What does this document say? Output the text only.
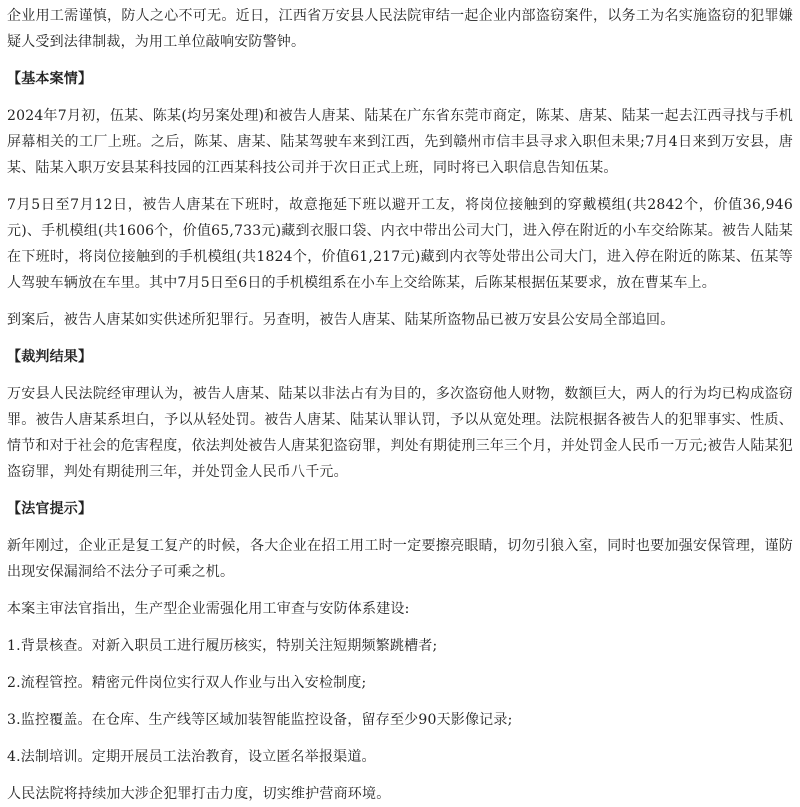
企业用工需谨慎，防人之心不可无。近日，江西省万安县人民法院审结一起企业内部盗窃案件，以务工为名实施盗窃的犯罪嫌疑人受到法律制裁，为用工单位敲响安防警钟。

【基本案情】

2024年7月初，伍某、陈某(均另案处理)和被告人唐某、陆某在广东省东莞市商定，陈某、唐某、陆某一起去江西寻找与手机屏幕相关的工厂上班。之后，陈某、唐某、陆某驾驶车来到江西，先到赣州市信丰县寻求入职但未果;7月4日来到万安县，唐某、陆某入职万安县某科技园的江西某科技公司并于次日正式上班，同时将已入职信息告知伍某。

7月5日至7月12日，被告人唐某在下班时，故意拖延下班以避开工友，将岗位接触到的穿戴模组(共2842个，价值36,946元)、手机模组(共1606个，价值65,733元)藏到衣服口袋、内衣中带出公司大门，进入停在附近的小车交给陈某。被告人陆某在下班时，将岗位接触到的手机模组(共1824个，价值61,217元)藏到内衣等处带出公司大门，进入停在附近的陈某、伍某等人驾驶车辆放在车里。其中7月5日至6日的手机模组系在小车上交给陈某，后陈某根据伍某要求，放在曹某车上。

到案后，被告人唐某如实供述所犯罪行。另查明，被告人唐某、陆某所盗物品已被万安县公安局全部追回。

【裁判结果】

万安县人民法院经审理认为，被告人唐某、陆某以非法占有为目的，多次盗窃他人财物，数额巨大，两人的行为均已构成盗窃罪。被告人唐某系坦白，予以从轻处罚。被告人唐某、陆某认罪认罚，予以从宽处理。法院根据各被告人的犯罪事实、性质、情节和对于社会的危害程度，依法判处被告人唐某犯盗窃罪，判处有期徒刑三年三个月，并处罚金人民币一万元;被告人陆某犯盗窃罪，判处有期徒刑三年，并处罚金人民币八千元。

【法官提示】

新年刚过，企业正是复工复产的时候，各大企业在招工用工时一定要擦亮眼睛，切勿引狼入室，同时也要加强安保管理，谨防出现安保漏洞给不法分子可乘之机。

本案主审法官指出，生产型企业需强化用工审查与安防体系建设:

1.背景核查。对新入职员工进行履历核实，特别关注短期频繁跳槽者;

2.流程管控。精密元件岗位实行双人作业与出入安检制度;

3.监控覆盖。在仓库、生产线等区域加装智能监控设备，留存至少90天影像记录;

4.法制培训。定期开展员工法治教育，设立匿名举报渠道。

人民法院将持续加大涉企犯罪打击力度，切实维护营商环境。
